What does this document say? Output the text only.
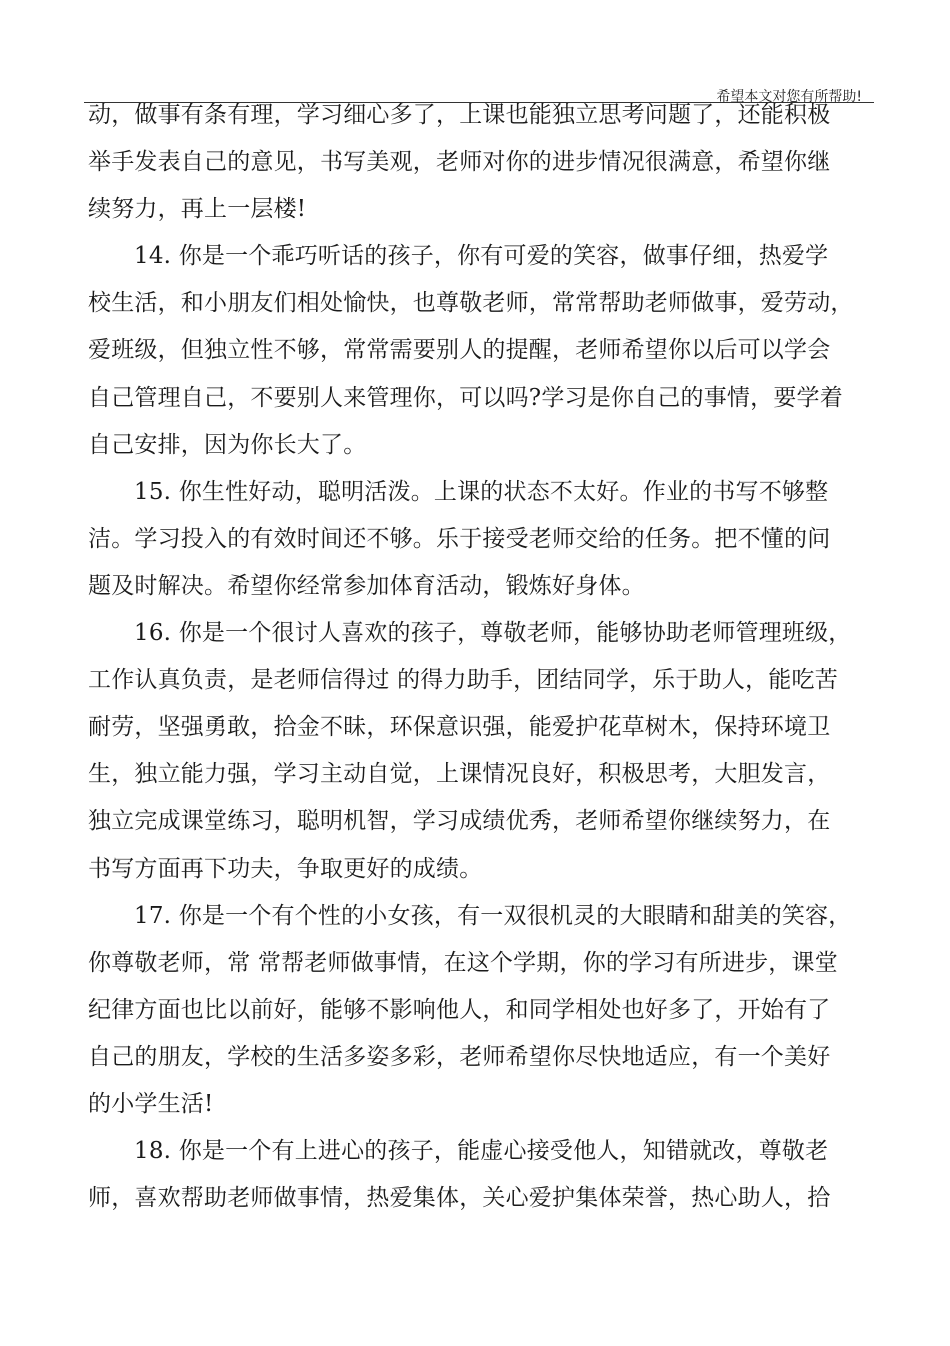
希望本文对您有所帮助!
动，做事有条有理，学习细心多了，上课也能独立思考问题了，还能积极
举手发表自己的意见，书写美观，老师对你的进步情况很满意，希望你继
续努力，再上一层楼!
14. 你是一个乖巧听话的孩子，你有可爱的笑容，做事仔细，热爱学
校生活，和小朋友们相处愉快，也尊敬老师，常常帮助老师做事，爱劳动，
爱班级，但独立性不够，常常需要别人的提醒，老师希望你以后可以学会
自己管理自己，不要别人来管理你，可以吗?学习是你自己的事情，要学着
自己安排，因为你长大了。
15. 你生性好动，聪明活泼。上课的状态不太好。作业的书写不够整
洁。学习投入的有效时间还不够。乐于接受老师交给的任务。把不懂的问
题及时解决。希望你经常参加体育活动，锻炼好身体。
16. 你是一个很讨人喜欢的孩子，尊敬老师，能够协助老师管理班级，
工作认真负责，是老师信得过 的得力助手，团结同学，乐于助人，能吃苦
耐劳，坚强勇敢，拾金不昧，环保意识强，能爱护花草树木，保持环境卫
生，独立能力强，学习主动自觉，上课情况良好，积极思考，大胆发言，
独立完成课堂练习，聪明机智，学习成绩优秀，老师希望你继续努力，在
书写方面再下功夫，争取更好的成绩。
17. 你是一个有个性的小女孩，有一双很机灵的大眼睛和甜美的笑容，
你尊敬老师，常 常帮老师做事情，在这个学期，你的学习有所进步，课堂
纪律方面也比以前好，能够不影响他人，和同学相处也好多了，开始有了
自己的朋友，学校的生活多姿多彩，老师希望你尽快地适应，有一个美好
的小学生活!
18. 你是一个有上进心的孩子，能虚心接受他人，知错就改，尊敬老
师，喜欢帮助老师做事情，热爱集体，关心爱护集体荣誉，热心助人，拾
